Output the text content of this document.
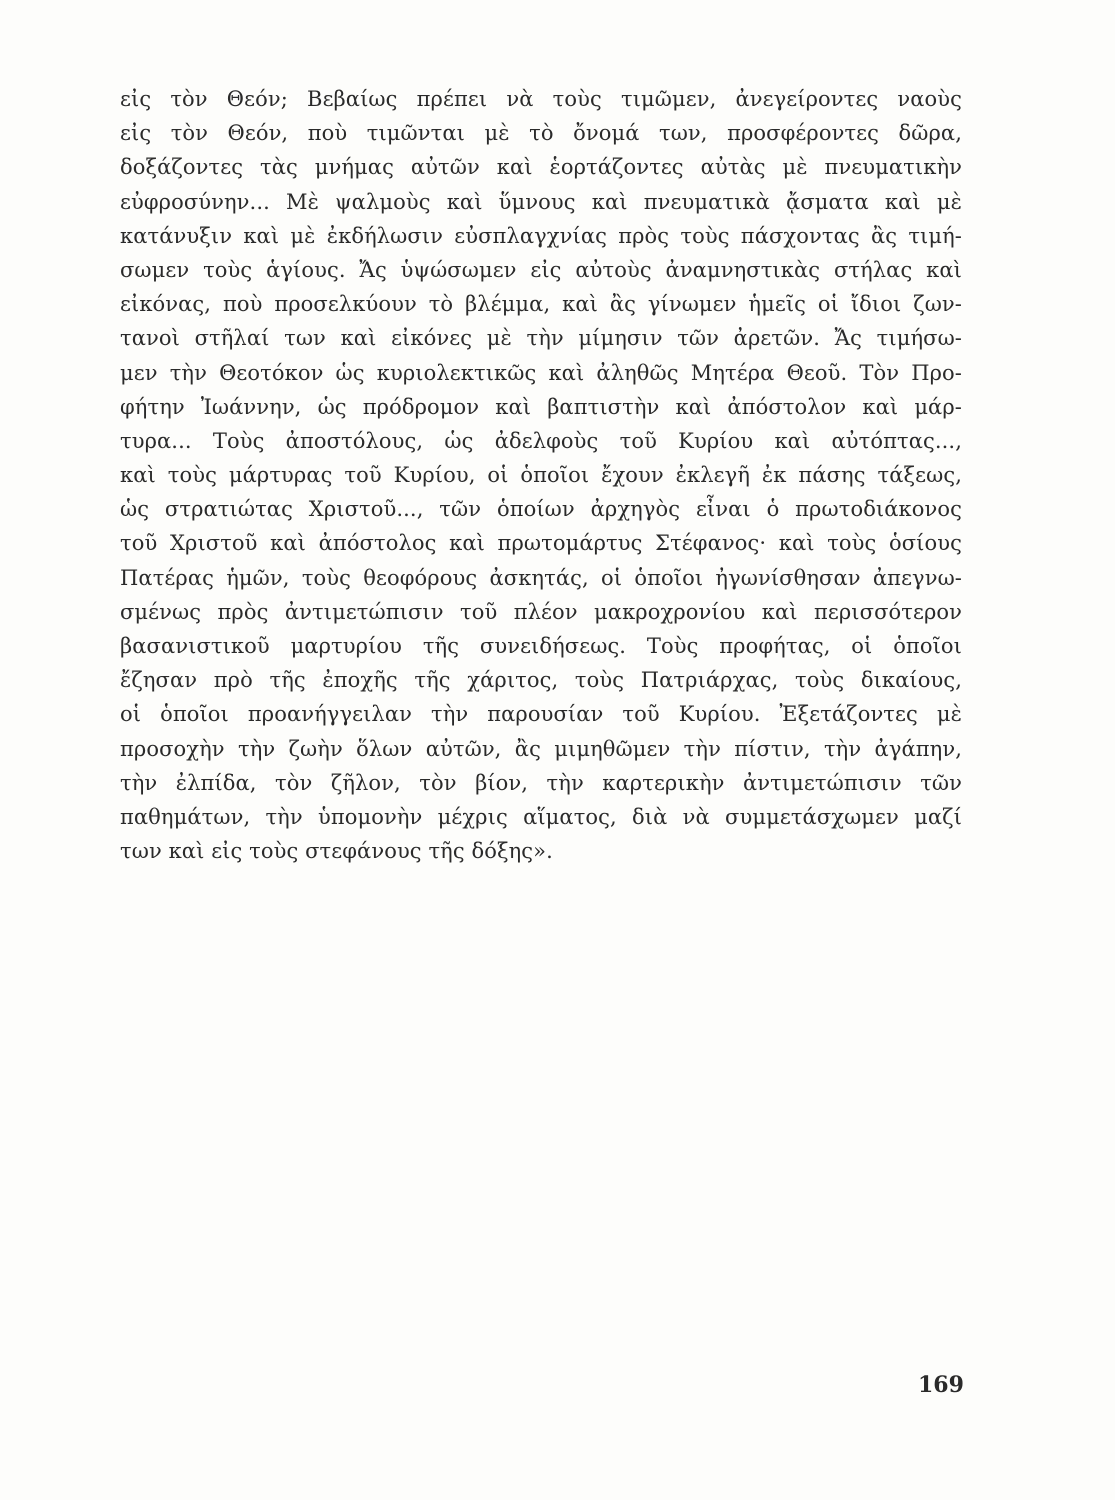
εἰς τὸν Θεόν; Βεβαίως πρέπει νὰ τοὺς τιμῶμεν, ἀνεγείροντες ναοὺς
εἰς τὸν Θεόν, ποὺ τιμῶνται μὲ τὸ ὄνομά των, προσφέροντες δῶρα,
δοξάζοντες τὰς μνήμας αὐτῶν καὶ ἑορτάζοντες αὐτὰς μὲ πνευματικὴν
εὐφροσύνην... Μὲ ψαλμοὺς καὶ ὕμνους καὶ πνευματικὰ ᾄσματα καὶ μὲ
κατάνυξιν καὶ μὲ ἐκδήλωσιν εὐσπλαγχνίας πρὸς τοὺς πάσχοντας ἂς τιμή-
σωμεν τοὺς ἁγίους. Ἄς ὑψώσωμεν εἰς αὐτοὺς ἀναμνηστικὰς στήλας καὶ
εἰκόνας, ποὺ προσελκύουν τὸ βλέμμα, καὶ ἂς γίνωμεν ἡμεῖς οἱ ἴδιοι ζων-
τανοὶ στῆλαί των καὶ εἰκόνες μὲ τὴν μίμησιν τῶν ἀρετῶν. Ἄς τιμήσω-
μεν τὴν Θεοτόκον ὡς κυριολεκτικῶς καὶ ἀληθῶς Μητέρα Θεοῦ. Τὸν Προ-
φήτην Ἰωάννην, ὡς πρόδρομον καὶ βαπτιστὴν καὶ ἀπόστολον καὶ μάρ-
τυρα... Τοὺς ἀποστόλους, ὡς ἀδελφοὺς τοῦ Κυρίου καὶ αὐτόπτας...,
καὶ τοὺς μάρτυρας τοῦ Κυρίου, οἱ ὁποῖοι ἔχουν ἐκλεγῆ ἐκ πάσης τάξεως,
ὡς στρατιώτας Χριστοῦ..., τῶν ὁποίων ἀρχηγὸς εἶναι ὁ πρωτοδιάκονος
τοῦ Χριστοῦ καὶ ἀπόστολος καὶ πρωτομάρτυς Στέφανος· καὶ τοὺς ὁσίους
Πατέρας ἡμῶν, τοὺς θεοφόρους ἀσκητάς, οἱ ὁποῖοι ἠγωνίσθησαν ἀπεγνω-
σμένως πρὸς ἀντιμετώπισιν τοῦ πλέον μακροχρονίου καὶ περισσότερον
βασανιστικοῦ μαρτυρίου τῆς συνειδήσεως. Τοὺς προφήτας, οἱ ὁποῖοι
ἔζησαν πρὸ τῆς ἐποχῆς τῆς χάριτος, τοὺς Πατριάρχας, τοὺς δικαίους,
οἱ ὁποῖοι προανήγγειλαν τὴν παρουσίαν τοῦ Κυρίου. Ἐξετάζοντες μὲ
προσοχὴν τὴν ζωὴν ὅλων αὐτῶν, ἂς μιμηθῶμεν τὴν πίστιν, τὴν ἀγάπην,
τὴν ἐλπίδα, τὸν ζῆλον, τὸν βίον, τὴν καρτερικὴν ἀντιμετώπισιν τῶν
παθημάτων, τὴν ὑπομονὴν μέχρις αἵματος, διὰ νὰ συμμετάσχωμεν μαζί
των καὶ εἰς τοὺς στεφάνους τῆς δόξης».
169
